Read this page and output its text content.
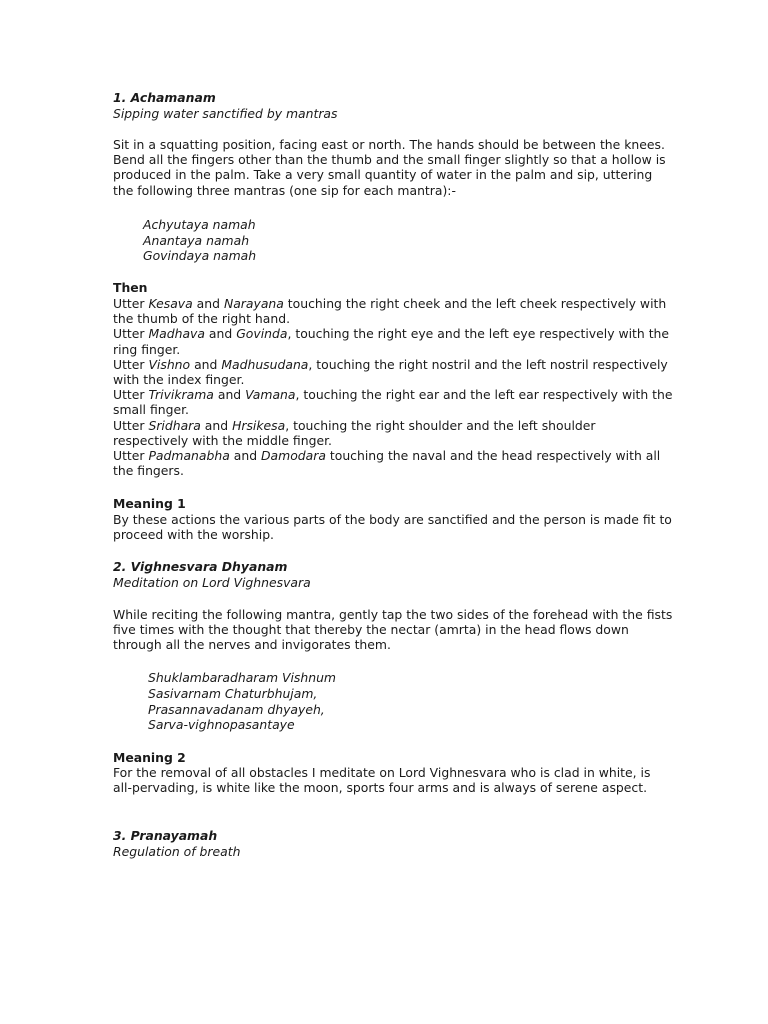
1. Achamanam

Sipping water sanctified by mantras

Sit in a squatting position, facing east or north. The hands should be between the knees. Bend all the fingers other than the thumb and the small finger slightly so that a hollow is produced in the palm. Take a very small quantity of water in the palm and sip, uttering the following three mantras (one sip for each mantra):-

Achyutaya namah

Anantaya namah

Govindaya namah

Then

Utter Kesava and Narayana touching the right cheek and the left cheek respectively with the thumb of the right hand.

Utter Madhava and Govinda, touching the right eye and the left eye respectively with the ring finger.

Utter Vishno and Madhusudana, touching the right nostril and the left nostril respectively with the index finger.

Utter Trivikrama and Vamana, touching the right ear and the left ear respectively with the small finger.

Utter Sridhara and Hrsikesa, touching the right shoulder and the left shoulder respectively with the middle finger.

Utter Padmanabha and Damodara touching the naval and the head respectively with all the fingers.

Meaning 1

By these actions the various parts of the body are sanctified and the person is made fit to proceed with the worship.

2. Vighnesvara Dhyanam

Meditation on Lord Vighnesvara

While reciting the following mantra, gently tap the two sides of the forehead with the fists five times with the thought that thereby the nectar (amrta) in the head flows down through all the nerves and invigorates them.

Shuklambaradharam Vishnum

Sasivarnam Chaturbhujam,

Prasannavadanam dhyayeh,

Sarva-vighnopasantaye

Meaning 2

For the removal of all obstacles I meditate on Lord Vighnesvara who is clad in white, is all-pervading, is white like the moon, sports four arms and is always of serene aspect.

3. Pranayamah

Regulation of breath
